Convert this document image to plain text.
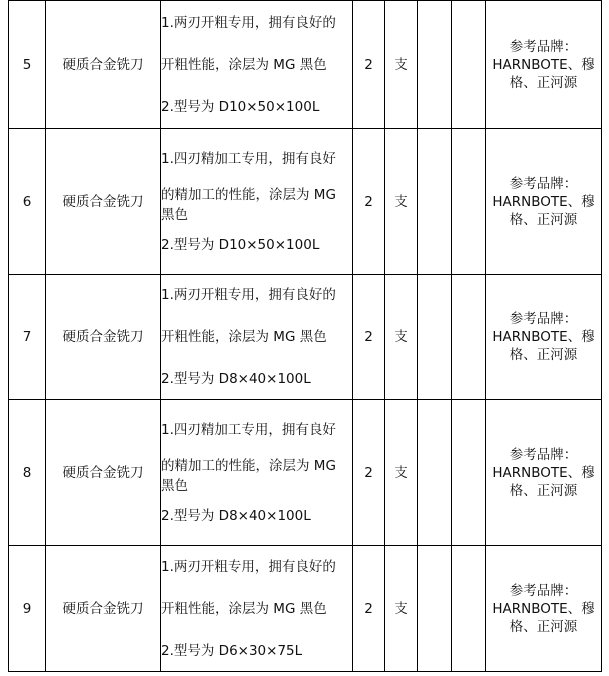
5	硬质合金铣刀	1.两刃开粗专用，拥有良好的
开粗性能，涂层为 MG 黑色
2.型号为 D10×50×100L	2	支			参考品牌：
HARNBOTE、穆
格、正河源

6	硬质合金铣刀	1.四刃精加工专用，拥有良好
的精加工的性能，涂层为 MG
黑色
2.型号为 D10×50×100L	2	支			参考品牌：
HARNBOTE、穆
格、正河源

7	硬质合金铣刀	1.两刃开粗专用，拥有良好的
开粗性能，涂层为 MG 黑色
2.型号为 D8×40×100L	2	支			参考品牌：
HARNBOTE、穆
格、正河源

8	硬质合金铣刀	1.四刃精加工专用，拥有良好
的精加工的性能，涂层为 MG
黑色
2.型号为 D8×40×100L	2	支			参考品牌：
HARNBOTE、穆
格、正河源

9	硬质合金铣刀	1.两刃开粗专用，拥有良好的
开粗性能，涂层为 MG 黑色
2.型号为 D6×30×75L	2	支			参考品牌：
HARNBOTE、穆
格、正河源
